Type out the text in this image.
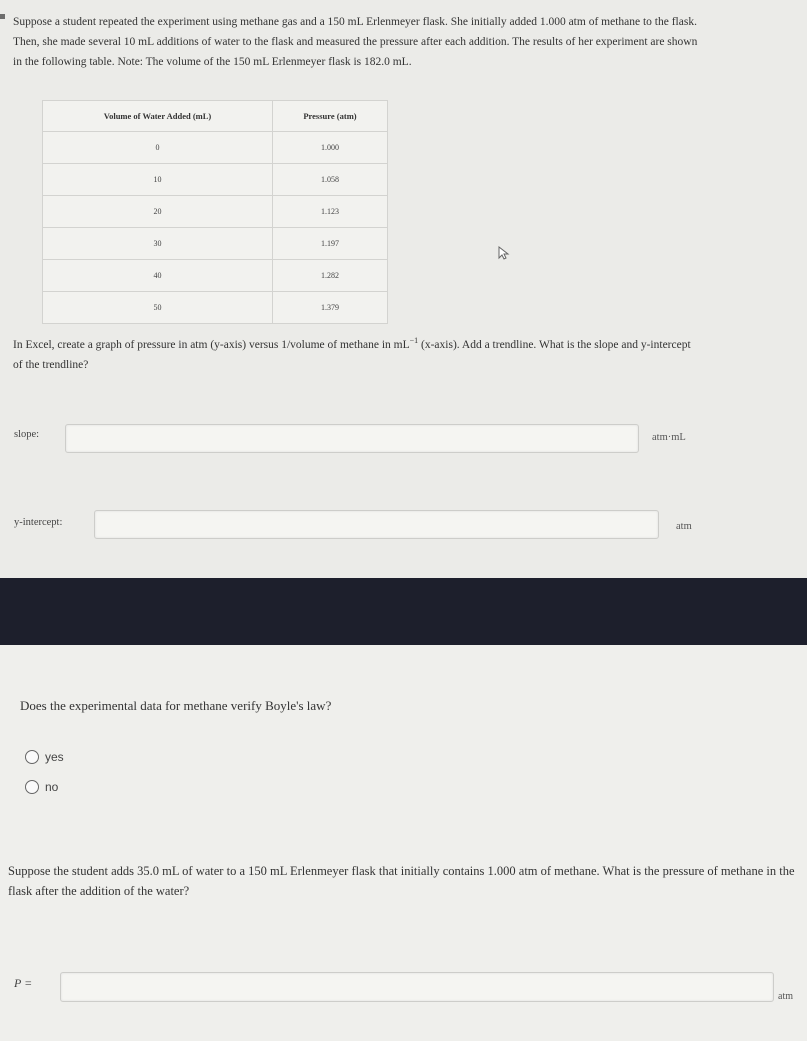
Suppose a student repeated the experiment using methane gas and a 150 mL Erlenmeyer flask. She initially added 1.000 atm of methane to the flask. Then, she made several 10 mL additions of water to the flask and measured the pressure after each addition. The results of her experiment are shown in the following table. Note: The volume of the 150 mL Erlenmeyer flask is 182.0 mL.
Volume of Water Added (mL)	Pressure (atm)
0	1.000
10	1.058
20	1.123
30	1.197
40	1.282
50	1.379
In Excel, create a graph of pressure in atm (y-axis) versus 1/volume of methane in $mL^{-1}$ (x-axis). Add a trendline. What is the slope and y-intercept of the trendline?
slope:	atm·mL
y-intercept:	atm
Does the experimental data for methane verify Boyle's law?
yes
no
Suppose the student adds 35.0 mL of water to a 150 mL Erlenmeyer flask that initially contains 1.000 atm of methane. What is the pressure of methane in the flask after the addition of the water?
P =
atm
